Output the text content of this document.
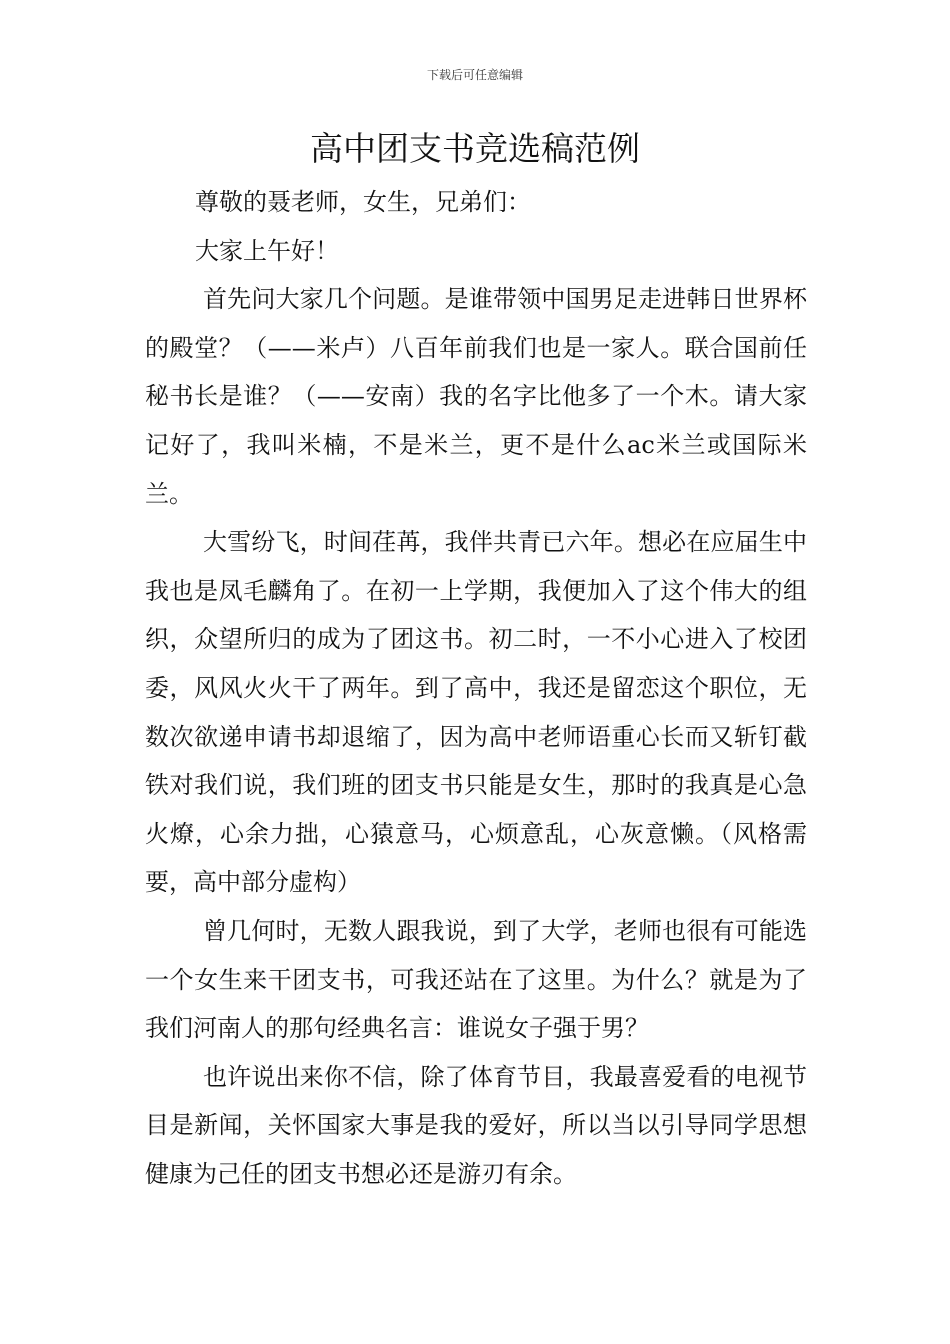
下载后可任意编辑
高中团支书竞选稿范例

尊敬的聂老师，女生，兄弟们：

大家上午好！

首先问大家几个问题。是谁带领中国男足走进韩日世界杯的殿堂？（——米卢）八百年前我们也是一家人。联合国前任秘书长是谁？（——安南）我的名字比他多了一个木。请大家记好了，我叫米楠，不是米兰，更不是什么ac米兰或国际米兰。

大雪纷飞，时间荏苒，我伴共青已六年。想必在应届生中我也是凤毛麟角了。在初一上学期，我便加入了这个伟大的组织，众望所归的成为了团这书。初二时，一不小心进入了校团委，风风火火干了两年。到了高中，我还是留恋这个职位，无数次欲递申请书却退缩了，因为高中老师语重心长而又斩钉截铁对我们说，我们班的团支书只能是女生，那时的我真是心急火燎，心余力拙，心猿意马，心烦意乱，心灰意懒。（风格需要，高中部分虚构）

曾几何时，无数人跟我说，到了大学，老师也很有可能选一个女生来干团支书，可我还站在了这里。为什么？就是为了我们河南人的那句经典名言：谁说女子强于男？

也许说出来你不信，除了体育节目，我最喜爱看的电视节目是新闻，关怀国家大事是我的爱好，所以当以引导同学思想健康为己任的团支书想必还是游刃有余。
